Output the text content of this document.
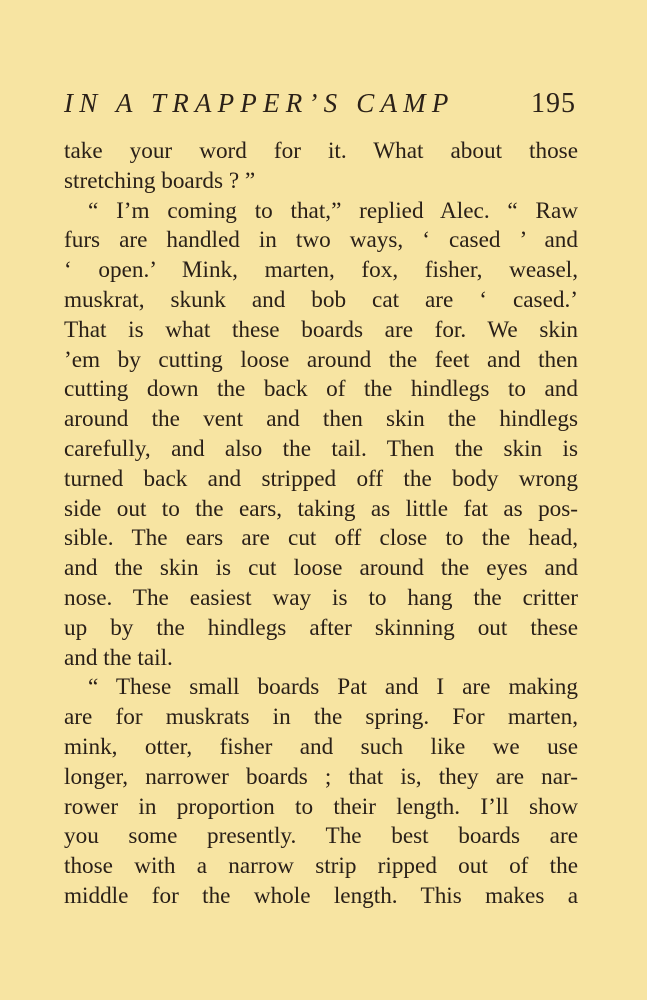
IN A TRAPPER’S CAMP	195
take your word for it. What about those
stretching boards ? ”
“ I’m coming to that,” replied Alec. “ Raw
furs are handled in two ways, ‘ cased ’ and
‘ open.’ Mink, marten, fox, fisher, weasel,
muskrat, skunk and bob cat are ‘ cased.’
That is what these boards are for. We skin
’em by cutting loose around the feet and then
cutting down the back of the hindlegs to and
around the vent and then skin the hindlegs
carefully, and also the tail. Then the skin is
turned back and stripped off the body wrong
side out to the ears, taking as little fat as pos-
sible. The ears are cut off close to the head,
and the skin is cut loose around the eyes and
nose. The easiest way is to hang the critter
up by the hindlegs after skinning out these
and the tail.
“ These small boards Pat and I are making
are for muskrats in the spring. For marten,
mink, otter, fisher and such like we use
longer, narrower boards ; that is, they are nar-
rower in proportion to their length. I’ll show
you some presently. The best boards are
those with a narrow strip ripped out of the
middle for the whole length. This makes a
